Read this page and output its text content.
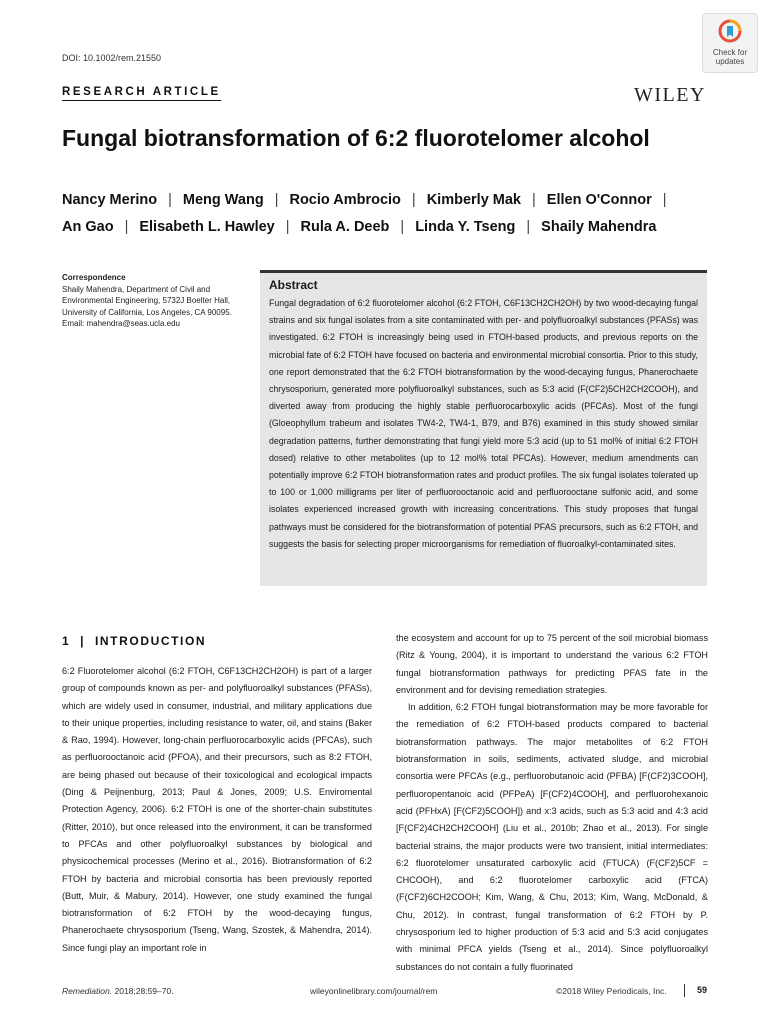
DOI: 10.1002/rem.21550
Check for updates
RESEARCH ARTICLE	WILEY
Fungal biotransformation of 6:2 fluorotelomer alcohol
Nancy Merino | Meng Wang | Rocio Ambrocio | Kimberly Mak | Ellen O'Connor |
An Gao | Elisabeth L. Hawley | Rula A. Deeb | Linda Y. Tseng | Shaily Mahendra
Correspondence
Shaily Mahendra, Department of Civil and Environmental Engineering, 5732J Boelter Hall, University of California, Los Angeles, CA 90095.
Email: mahendra@seas.ucla.edu
Abstract
Fungal degradation of 6:2 fluorotelomer alcohol (6:2 FTOH, C6F13CH2CH2OH) by two wood-decaying fungal strains and six fungal isolates from a site contaminated with per- and polyfluoroalkyl substances (PFASs) was investigated. 6:2 FTOH is increasingly being used in FTOH-based products, and previous reports on the microbial fate of 6:2 FTOH have focused on bacteria and environmental microbial consortia. Prior to this study, one report demonstrated that the 6:2 FTOH biotransformation by the wood-decaying fungus, Phanerochaete chrysosporium, generated more polyfluoroalkyl substances, such as 5:3 acid (F(CF2)5CH2CH2COOH), and diverted away from producing the highly stable perfluorocarboxylic acids (PFCAs). Most of the fungi (Gloeophyllum trabeum and isolates TW4-2, TW4-1, B79, and B76) examined in this study showed similar degradation patterns, further demonstrating that fungi yield more 5:3 acid (up to 51 mol% of initial 6:2 FTOH dosed) relative to other metabolites (up to 12 mol% total PFCAs). However, medium amendments can potentially improve 6:2 FTOH biotransformation rates and product profiles. The six fungal isolates tolerated up to 100 or 1,000 milligrams per liter of perfluorooctanoic acid and perfluorooctane sulfonic acid, and some isolates experienced increased growth with increasing concentrations. This study proposes that fungal pathways must be considered for the biotransformation of potential PFAS precursors, such as 6:2 FTOH, and suggests the basis for selecting proper microorganisms for remediation of fluoroalkyl-contaminated sites.
1  |  INTRODUCTION

6:2 Fluorotelomer alcohol (6:2 FTOH, C6F13CH2CH2OH) is part of a larger group of compounds known as per- and polyfluoroalkyl substances (PFASs), which are widely used in consumer, industrial, and military applications due to their unique properties, including resistance to water, oil, and stains (Baker & Rao, 1994). However, long-chain perfluorocarboxylic acids (PFCAs), such as perfluorooctanoic acid (PFOA), and their precursors, such as 8:2 FTOH, are being phased out because of their toxicological and ecological impacts (Ding & Peijnenburg, 2013; Paul & Jones, 2009; U.S. Enviromental Protection Agency, 2006). 6:2 FTOH is one of the shorter-chain substitutes (Ritter, 2010), but once released into the environment, it can be transformed to PFCAs and other polyfluoroalkyl substances by biological and physicochemical processes (Merino et al., 2016). Biotransformation of 6:2 FTOH by bacteria and microbial consortia has been previously reported (Butt, Muir, & Mabury, 2014). However, one study examined the fungal biotransformation of 6:2 FTOH by the wood-decaying fungus, Phanerochaete chrysosporium (Tseng, Wang, Szostek, & Mahendra, 2014). Since fungi play an important role in

the ecosystem and account for up to 75 percent of the soil microbial biomass (Ritz & Young, 2004), it is important to understand the various 6:2 FTOH fungal biotransformation pathways for predicting PFAS fate in the environment and for devising remediation strategies.

In addition, 6:2 FTOH fungal biotransformation may be more favorable for the remediation of 6:2 FTOH-based products compared to bacterial biotransformation pathways. The major metabolites of 6:2 FTOH biotransformation in soils, sediments, activated sludge, and microbial consortia were PFCAs (e.g., perfluorobutanoic acid (PFBA) [F(CF2)3COOH], perfluoropentanoic acid (PFPeA) [F(CF2)4COOH], and perfluorohexanoic acid (PFHxA) [F(CF2)5COOH]) and x:3 acids, such as 5:3 acid and 4:3 acid [F(CF2)4CH2CH2COOH] (Liu et al., 2010b; Zhao et al., 2013). For single bacterial strains, the major products were two transient, initial intermediates: 6:2 fluorotelomer unsaturated carboxylic acid (FTUCA) (F(CF2)5CF = CHCOOH), and 6:2 fluorotelomer carboxylic acid (FTCA) (F(CF2)6CH2COOH; Kim, Wang, & Chu, 2013; Kim, Wang, McDonald, & Chu, 2012). In contrast, fungal transformation of 6:2 FTOH by P. chrysosporium led to higher production of 5:3 acid and 5:3 acid conjugates with minimal PFCA yields (Tseng et al., 2014). Since polyfluoroalkyl substances do not contain a fully fluorinated

Remediation. 2018;28:59–70.	wileyonlinelibrary.com/journal/rem	©2018 Wiley Periodicals, Inc.	59
